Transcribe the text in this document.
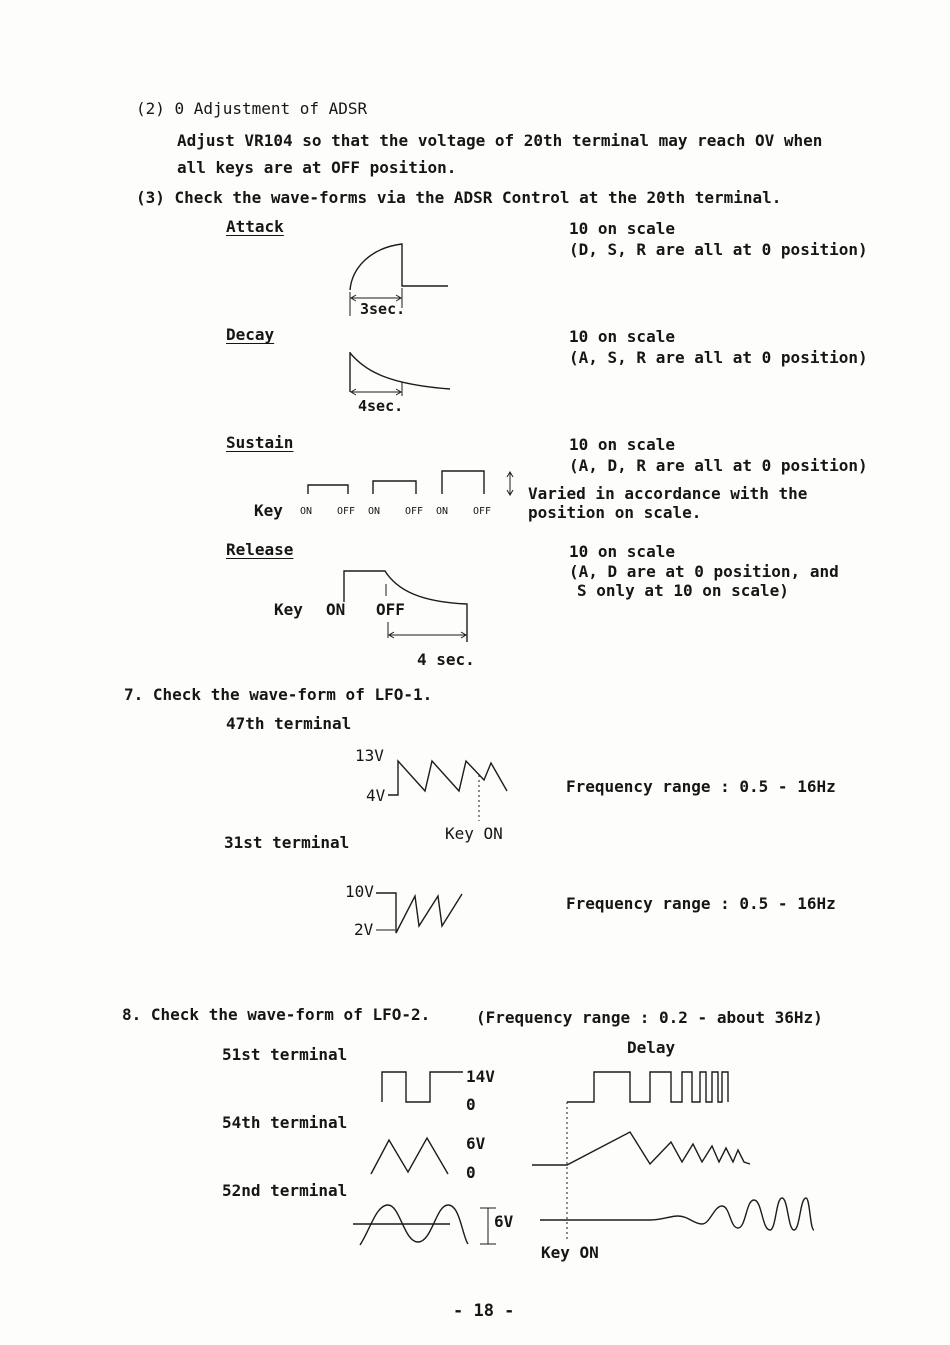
(2) 0 Adjustment of ADSR
Adjust VR104 so that the voltage of 20th terminal may reach OV when
all keys are at OFF position.
(3) Check the wave-forms via the ADSR Control at the 20th terminal.
Attack	10 on scale
(D, S, R are all at 0 position)
3sec.
Decay	10 on scale
(A, S, R are all at 0 position)
4sec.
Sustain	10 on scale
(A, D, R are all at 0 position)
Varied in accordance with the
position on scale.
Key ON OFF ON OFF ON OFF
Release	10 on scale
(A, D are at 0 position, and
S only at 10 on scale)
Key ON OFF
4 sec.
7. Check the wave-form of LFO-1.
47th terminal
13V
4V
Key ON
Frequency range : 0.5 - 16Hz
31st terminal
10V
2V
Frequency range : 0.5 - 16Hz
8. Check the wave-form of LFO-2.	(Frequency range : 0.2 - about 36Hz)
Delay
51st terminal
14V
0
54th terminal
6V
0
52nd terminal
6V
Key ON
- 18 -
